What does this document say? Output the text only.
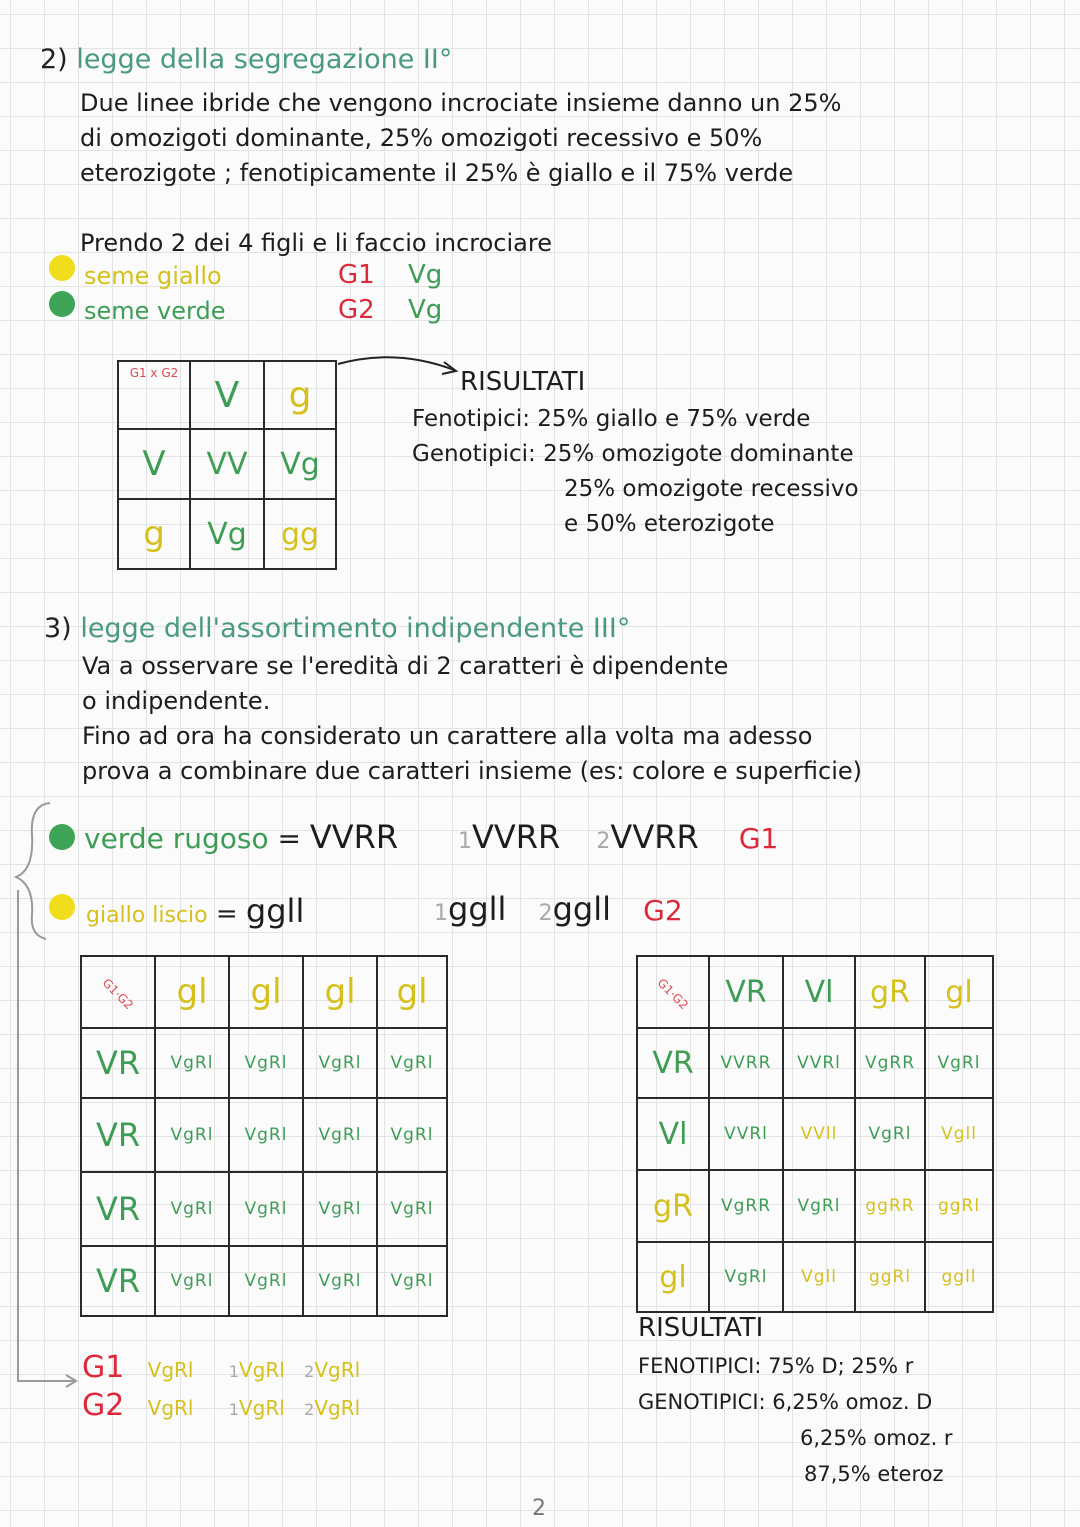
2) legge della segregazione II°
Due linee ibride che vengono incrociate insieme danno un 25%
di omozigoti dominante, 25% omozigoti recessivo e 50%
eterozigote ; fenotipicamente il 25% è giallo e il 75% verde
Prendo 2 dei 4 figli e li faccio incrociare
seme giallo	G1 Vg
seme verde	G2 Vg
G1 x G2	V	g
V	VV	Vg
g	Vg	gg
RISULTATI
Fenotipici: 25% giallo e 75% verde
Genotipici: 25% omozigote dominante
25% omozigote recessivo
e 50% eterozigote
3) legge dell'assortimento indipendente III°
Va a osservare se l'eredità di 2 caratteri è dipendente
o indipendente.
Fino ad ora ha considerato un carattere alla volta ma adesso
prova a combinare due caratteri insieme (es: colore e superficie)
verde rugoso = VVRR	1VVRR 2VVRR G1
giallo liscio = ggll	1ggll 2ggll G2
G1·G2	gl	gl	gl	gl
VR	VgRl	VgRl	VgRl	VgRl
VR	VgRl	VgRl	VgRl	VgRl
VR	VgRl	VgRl	VgRl	VgRl
VR	VgRl	VgRl	VgRl	VgRl
G1·G2	VR	Vl	gR	gl
VR	VVRR	VVRl	VgRR	VgRl
Vl	VVRl	VVll	VgRl	Vgll
gR	VgRR	VgRl	ggRR	ggRl
gl	VgRl	Vgll	ggRl	ggll
G1 VgRl 1VgRl 2VgRl
G2 VgRl 1VgRl 2VgRl
RISULTATI
FENOTIPICI: 75% D; 25% r
GENOTIPICI: 6,25% omoz. D
6,25% omoz. r
87,5% eteroz
2
